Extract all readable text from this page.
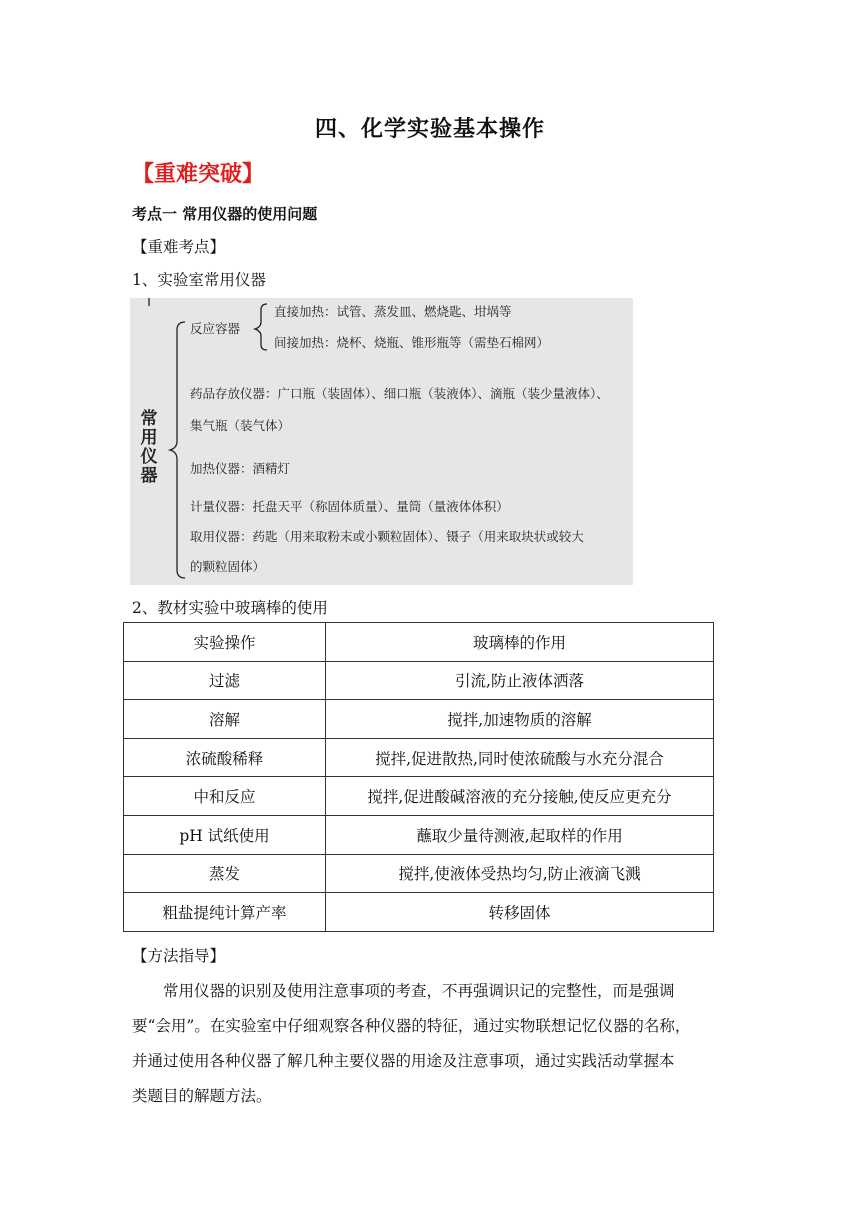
四、化学实验基本操作
【重难突破】
考点一 常用仪器的使用问题
【重难考点】
1、实验室常用仪器
常
用
仪
器
反应容器
直接加热：试管、蒸发皿、燃烧匙、坩埚等
间接加热：烧杯、烧瓶、锥形瓶等（需垫石棉网）
药品存放仪器：广口瓶（装固体）、细口瓶（装液体）、滴瓶（装少量液体）、
集气瓶（装气体）
加热仪器：酒精灯
计量仪器：托盘天平（称固体质量）、量筒（量液体体积）
取用仪器：药匙（用来取粉末或小颗粒固体）、镊子（用来取块状或较大
的颗粒固体）
2、教材实验中玻璃棒的使用
实验操作	玻璃棒的作用
过滤	引流,防止液体洒落
溶解	搅拌,加速物质的溶解
浓硫酸稀释	搅拌,促进散热,同时使浓硫酸与水充分混合
中和反应	搅拌,促进酸碱溶液的充分接触,使反应更充分
pH 试纸使用	蘸取少量待测液,起取样的作用
蒸发	搅拌,使液体受热均匀,防止液滴飞溅
粗盐提纯计算产率	转移固体
【方法指导】
常用仪器的识别及使用注意事项的考查，不再强调识记的完整性，而是强调
要“会用”。在实验室中仔细观察各种仪器的特征，通过实物联想记忆仪器的名称，
并通过使用各种仪器了解几种主要仪器的用途及注意事项，通过实践活动掌握本
类题目的解题方法。
